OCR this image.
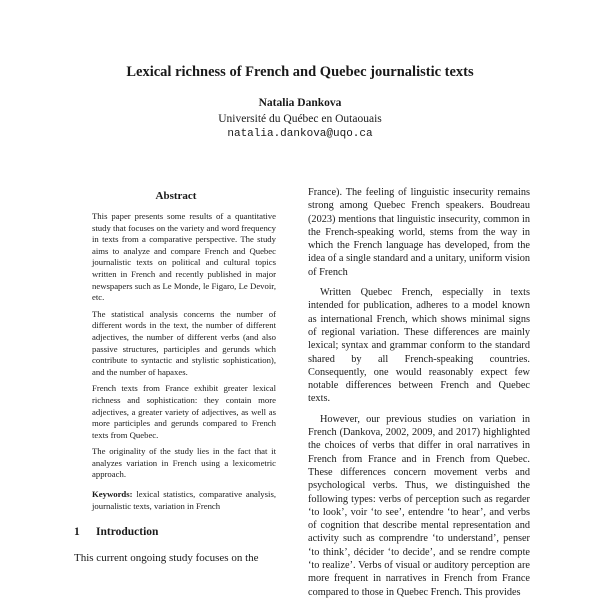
Lexical richness of French and Quebec journalistic texts
Natalia Dankova
Université du Québec en Outaouais
natalia.dankova@uqo.ca
Abstract

This paper presents some results of a quantitative study that focuses on the variety and word frequency in texts from a comparative perspective. The study aims to analyze and compare French and Quebec journalistic texts on political and cultural topics written in French and recently published in major newspapers such as Le Monde, le Figaro, Le Devoir, etc.

The statistical analysis concerns the number of different words in the text, the number of different adjectives, the number of different verbs (and also passive structures, participles and gerunds which contribute to syntactic and stylistic sophistication), and the number of hapaxes.

French texts from France exhibit greater lexical richness and sophistication: they contain more adjectives, a greater variety of adjectives, as well as more participles and gerunds compared to French texts from Quebec.

The originality of the study lies in the fact that it analyzes variation in French using a lexicometric approach.

Keywords: lexical statistics, comparative analysis, journalistic texts, variation in French

1 Introduction

This current ongoing study focuses on the

France). The feeling of linguistic insecurity remains strong among Quebec French speakers. Boudreau (2023) mentions that linguistic insecurity, common in the French-speaking world, stems from the way in which the French language has developed, from the idea of a single standard and a unitary, uniform vision of French

Written Quebec French, especially in texts intended for publication, adheres to a model known as international French, which shows minimal signs of regional variation. These differences are mainly lexical; syntax and grammar conform to the standard shared by all French-speaking countries. Consequently, one would reasonably expect few notable differences between French and Quebec texts.

However, our previous studies on variation in French (Dankova, 2002, 2009, and 2017) highlighted the choices of verbs that differ in oral narratives in French from France and in French from Quebec. These differences concern movement verbs and psychological verbs. Thus, we distinguished the following types: verbs of perception such as regarder ‘to look’, voir ‘to see’, entendre ‘to hear’, and verbs of cognition that describe mental representation and activity such as comprendre ‘to understand’, penser ‘to think’, décider ‘to decide’, and se rendre compte ‘to realize’. Verbs of visual or auditory perception are more frequent in narratives in French from France compared to those in Quebec French. This provides
